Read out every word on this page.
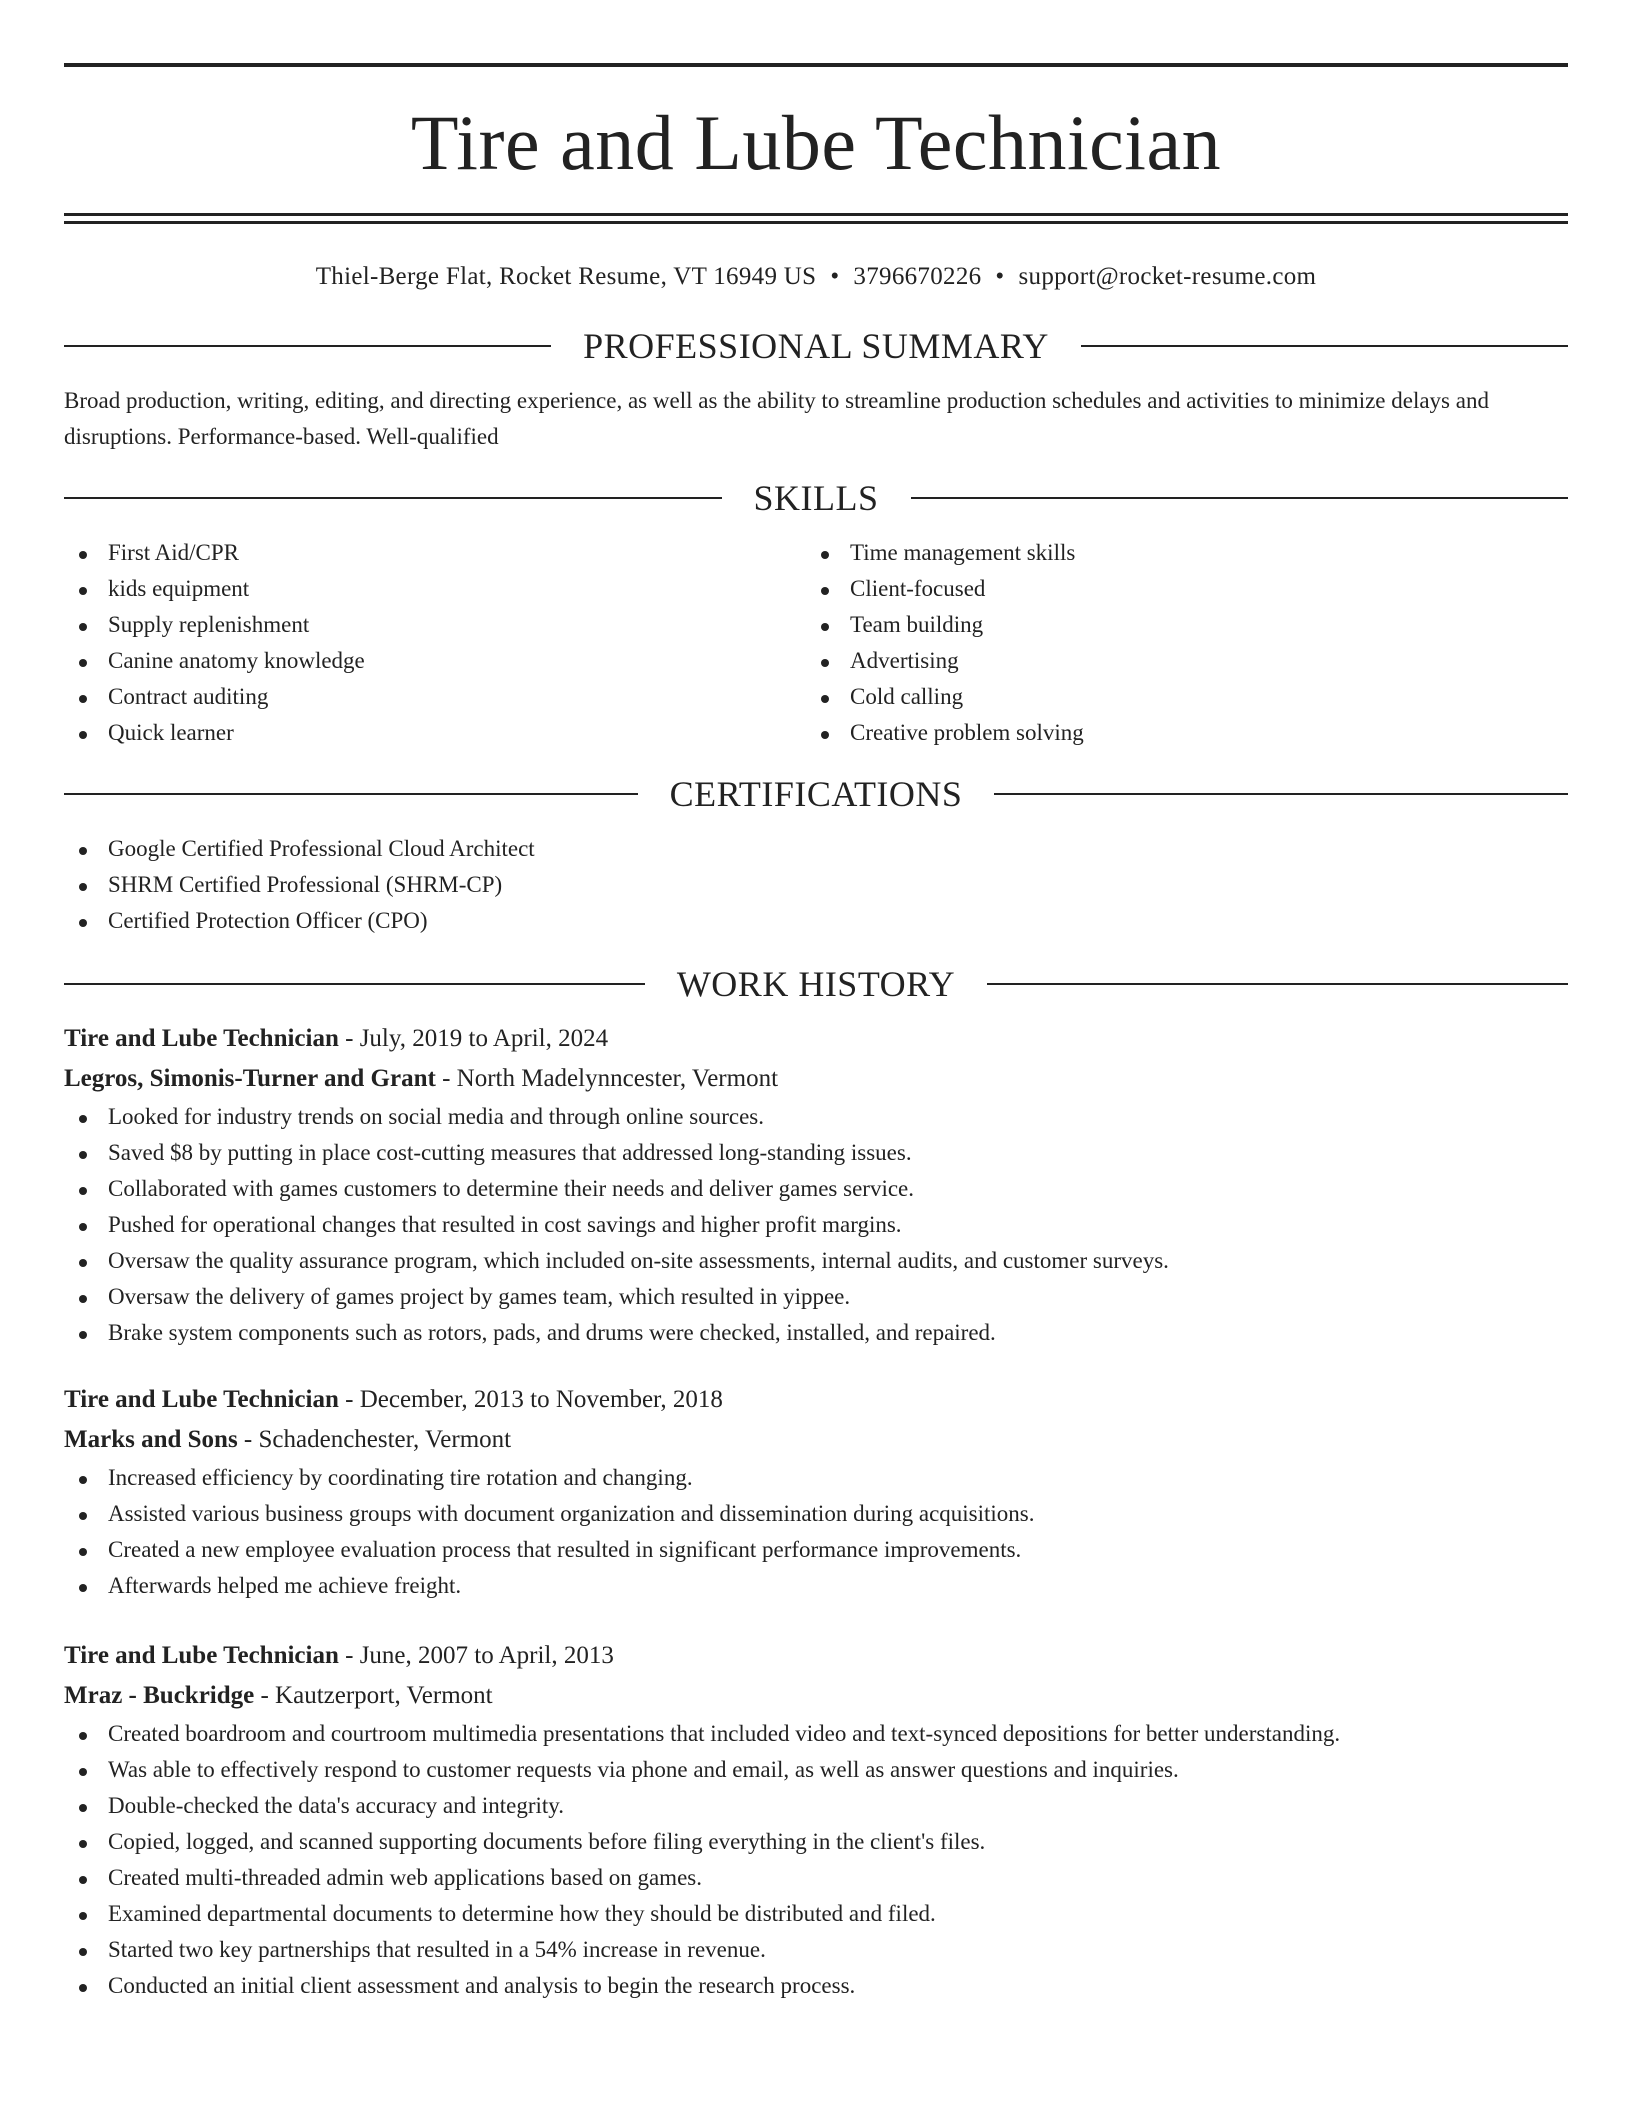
Tire and Lube Technician
Thiel-Berge Flat, Rocket Resume, VT 16949 US • 3796670226 • support@rocket-resume.com
PROFESSIONAL SUMMARY
Broad production, writing, editing, and directing experience, as well as the ability to streamline production schedules and activities to minimize delays and disruptions. Performance-based. Well-qualified
SKILLS
First Aid/CPR
kids equipment
Supply replenishment
Canine anatomy knowledge
Contract auditing
Quick learner
Time management skills
Client-focused
Team building
Advertising
Cold calling
Creative problem solving
CERTIFICATIONS
Google Certified Professional Cloud Architect
SHRM Certified Professional (SHRM-CP)
Certified Protection Officer (CPO)
WORK HISTORY
Tire and Lube Technician - July, 2019 to April, 2024
Legros, Simonis-Turner and Grant - North Madelynncester, Vermont
Looked for industry trends on social media and through online sources.
Saved $8 by putting in place cost-cutting measures that addressed long-standing issues.
Collaborated with games customers to determine their needs and deliver games service.
Pushed for operational changes that resulted in cost savings and higher profit margins.
Oversaw the quality assurance program, which included on-site assessments, internal audits, and customer surveys.
Oversaw the delivery of games project by games team, which resulted in yippee.
Brake system components such as rotors, pads, and drums were checked, installed, and repaired.
Tire and Lube Technician - December, 2013 to November, 2018
Marks and Sons - Schadenchester, Vermont
Increased efficiency by coordinating tire rotation and changing.
Assisted various business groups with document organization and dissemination during acquisitions.
Created a new employee evaluation process that resulted in significant performance improvements.
Afterwards helped me achieve freight.
Tire and Lube Technician - June, 2007 to April, 2013
Mraz - Buckridge - Kautzerport, Vermont
Created boardroom and courtroom multimedia presentations that included video and text-synced depositions for better understanding.
Was able to effectively respond to customer requests via phone and email, as well as answer questions and inquiries.
Double-checked the data's accuracy and integrity.
Copied, logged, and scanned supporting documents before filing everything in the client's files.
Created multi-threaded admin web applications based on games.
Examined departmental documents to determine how they should be distributed and filed.
Started two key partnerships that resulted in a 54% increase in revenue.
Conducted an initial client assessment and analysis to begin the research process.
